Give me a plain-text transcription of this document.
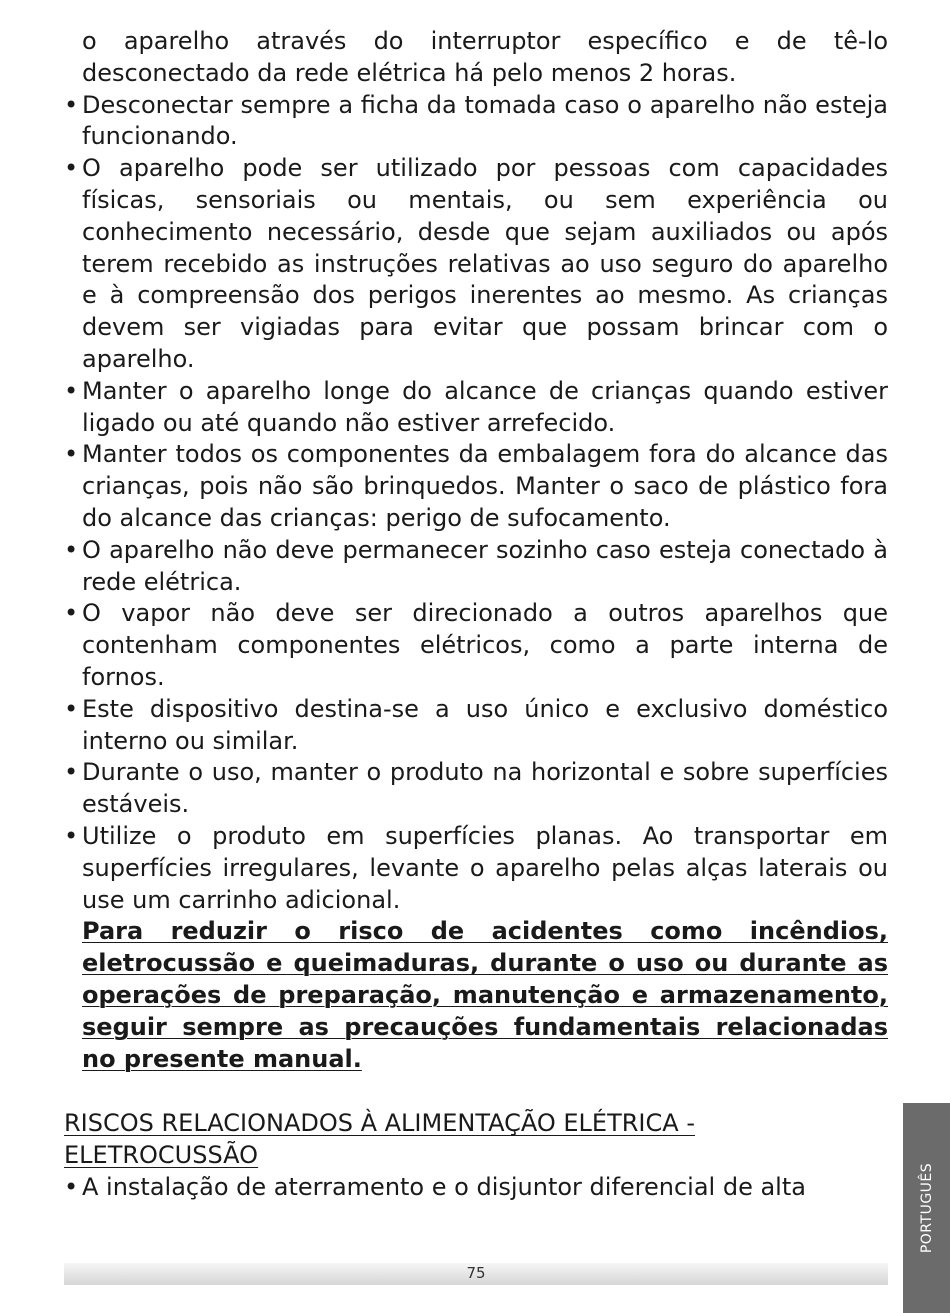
o aparelho através do interruptor específico e de tê-lo desconectado da rede elétrica há pelo menos 2 horas.

• Desconectar sempre a ficha da tomada caso o aparelho não esteja funcionando.
• O aparelho pode ser utilizado por pessoas com capacidades físicas, sensoriais ou mentais, ou sem experiência ou conhecimento necessário, desde que sejam auxiliados ou após terem recebido as instruções relativas ao uso seguro do aparelho e à compreensão dos perigos inerentes ao mesmo. As crianças devem ser vigiadas para evitar que possam brincar com o aparelho.
• Manter o aparelho longe do alcance de crianças quando estiver ligado ou até quando não estiver arrefecido.
• Manter todos os componentes da embalagem fora do alcance das crianças, pois não são brinquedos. Manter o saco de plástico fora do alcance das crianças: perigo de sufocamento.
• O aparelho não deve permanecer sozinho caso esteja conectado à rede elétrica.
• O vapor não deve ser direcionado a outros aparelhos que contenham componentes elétricos, como a parte interna de fornos.
• Este dispositivo destina-se a uso único e exclusivo doméstico interno ou similar.
• Durante o uso, manter o produto na horizontal e sobre superfícies estáveis.
• Utilize o produto em superfícies planas. Ao transportar em superfícies irregulares, levante o aparelho pelas alças laterais ou use um carrinho adicional.

Para reduzir o risco de acidentes como incêndios, eletrocussão e queimaduras, durante o uso ou durante as operações de preparação, manutenção e armazenamento, seguir sempre as precauções fundamentais relacionadas no presente manual.

RISCOS RELACIONADOS À ALIMENTAÇÃO ELÉTRICA - ELETROCUSSÃO

• A instalação de aterramento e o disjuntor diferencial de alta
75
PORTUGUÊS
